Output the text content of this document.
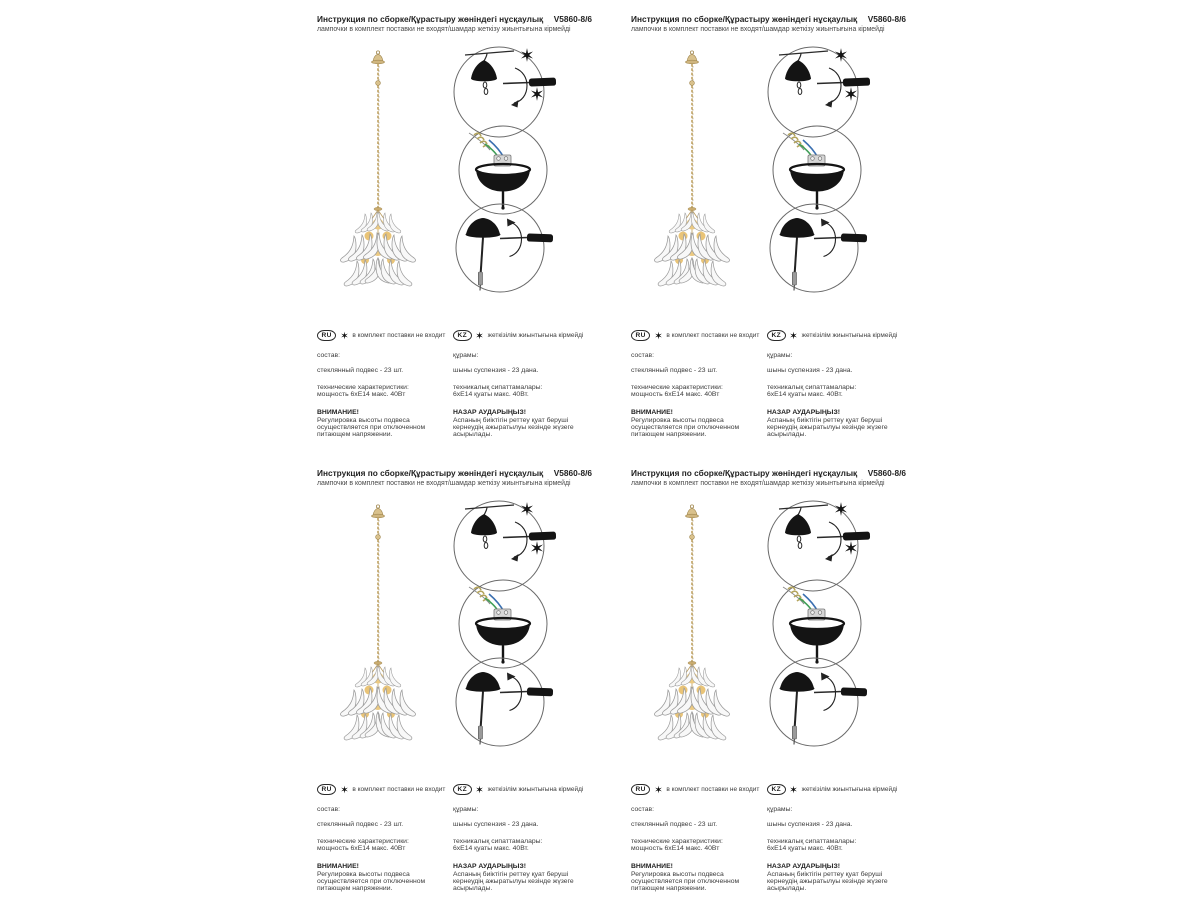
Инструкция по сборке/Құрастыру жөніндегі нұсқаулық V5860-8/6
лампочки в комплект поставки не входят/шамдар жеткізу жиынтығына кірмейді
RU	в комплект поставки не входит
состав:
стеклянный подвес - 23 шт.
технические характеристики:
мощность 6хЕ14 макс. 40Вт
ВНИМАНИЕ!
Регулировка высоты подвеса осуществляется при отключенном питающем напряжении.
KZ	жеткізілім жиынтығына кірмейді
құрамы:
шыны суспензия - 23 дана.
техникалық сипаттамалары:
6хЕ14 қуаты макс. 40Вт.
НАЗАР АУДАРЫҢЫЗ!
Аспаның биіктігін реттеу қуат беруші кернеудің ажыратылуы кезінде жүзеге асырылады.
Инструкция по сборке/Құрастыру жөніндегі нұсқаулық V5860-8/6
лампочки в комплект поставки не входят/шамдар жеткізу жиынтығына кірмейді
RU	в комплект поставки не входит
состав:
стеклянный подвес - 23 шт.
технические характеристики:
мощность 6хЕ14 макс. 40Вт
ВНИМАНИЕ!
Регулировка высоты подвеса осуществляется при отключенном питающем напряжении.
KZ	жеткізілім жиынтығына кірмейді
құрамы:
шыны суспензия - 23 дана.
техникалық сипаттамалары:
6хЕ14 қуаты макс. 40Вт.
НАЗАР АУДАРЫҢЫЗ!
Аспаның биіктігін реттеу қуат беруші кернеудің ажыратылуы кезінде жүзеге асырылады.
Инструкция по сборке/Құрастыру жөніндегі нұсқаулық V5860-8/6
лампочки в комплект поставки не входят/шамдар жеткізу жиынтығына кірмейді
RU	в комплект поставки не входит
состав:
стеклянный подвес - 23 шт.
технические характеристики:
мощность 6хЕ14 макс. 40Вт
ВНИМАНИЕ!
Регулировка высоты подвеса осуществляется при отключенном питающем напряжении.
KZ	жеткізілім жиынтығына кірмейді
құрамы:
шыны суспензия - 23 дана.
техникалық сипаттамалары:
6хЕ14 қуаты макс. 40Вт.
НАЗАР АУДАРЫҢЫЗ!
Аспаның биіктігін реттеу қуат беруші кернеудің ажыратылуы кезінде жүзеге асырылады.
Инструкция по сборке/Құрастыру жөніндегі нұсқаулық V5860-8/6
лампочки в комплект поставки не входят/шамдар жеткізу жиынтығына кірмейді
RU	в комплект поставки не входит
состав:
стеклянный подвес - 23 шт.
технические характеристики:
мощность 6хЕ14 макс. 40Вт
ВНИМАНИЕ!
Регулировка высоты подвеса осуществляется при отключенном питающем напряжении.
KZ	жеткізілім жиынтығына кірмейді
құрамы:
шыны суспензия - 23 дана.
техникалық сипаттамалары:
6хЕ14 қуаты макс. 40Вт.
НАЗАР АУДАРЫҢЫЗ!
Аспаның биіктігін реттеу қуат беруші кернеудің ажыратылуы кезінде жүзеге асырылады.
